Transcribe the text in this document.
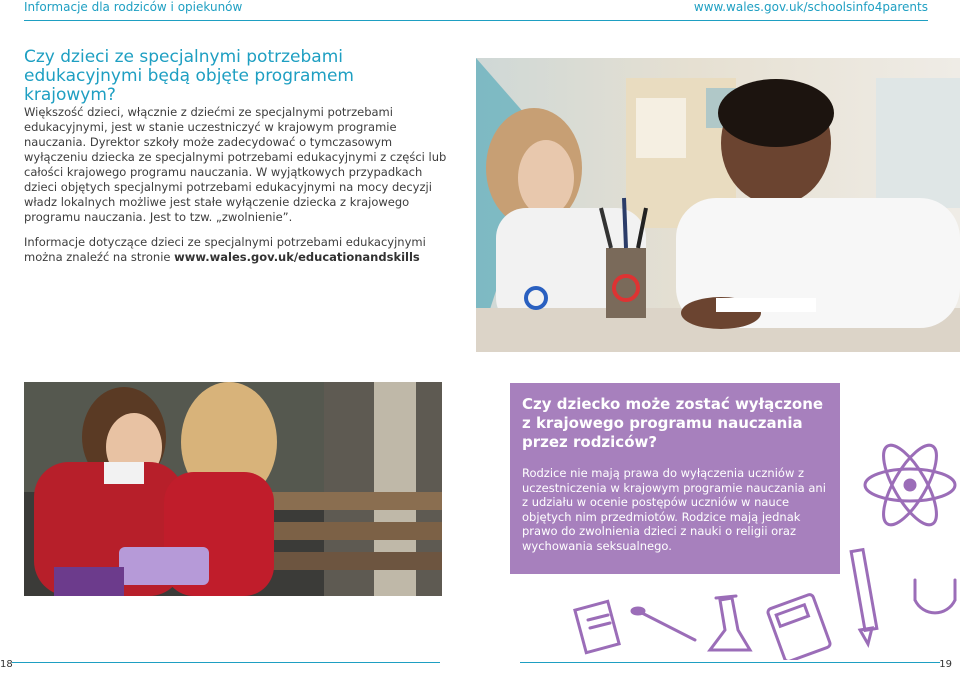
Informacje dla rodziców i opiekunów	www.wales.gov.uk/schoolsinfo4parents
Czy dzieci ze specjalnymi potrzebami edukacyjnymi będą objęte programem krajowym?

Większość dzieci, włącznie z dziećmi ze specjalnymi potrzebami edukacyjnymi, jest w stanie uczestniczyć w krajowym programie nauczania. Dyrektor szkoły może zadecydować o tymczasowym wyłączeniu dziecka ze specjalnymi potrzebami edukacyjnymi z części lub całości krajowego programu nauczania. W wyjątkowych przypadkach dzieci objętych specjalnymi potrzebami edukacyjnymi na mocy decyzji władz lokalnych możliwe jest stałe wyłączenie dziecka z krajowego programu nauczania. Jest to tzw. „zwolnienie”.

Informacje dotyczące dzieci ze specjalnymi potrzebami edukacyjnymi można znaleźć na stronie www.wales.gov.uk/educationandskills

Czy dziecko może zostać wyłączone z krajowego programu nauczania przez rodziców?
Rodzice nie mają prawa do wyłączenia uczniów z uczestniczenia w krajowym programie nauczania ani z udziału w ocenie postępów uczniów w nauce objętych nim przedmiotów. Rodzice mają jednak prawo do zwolnienia dzieci z nauki o religii oraz wychowania seksualnego.
18	19
